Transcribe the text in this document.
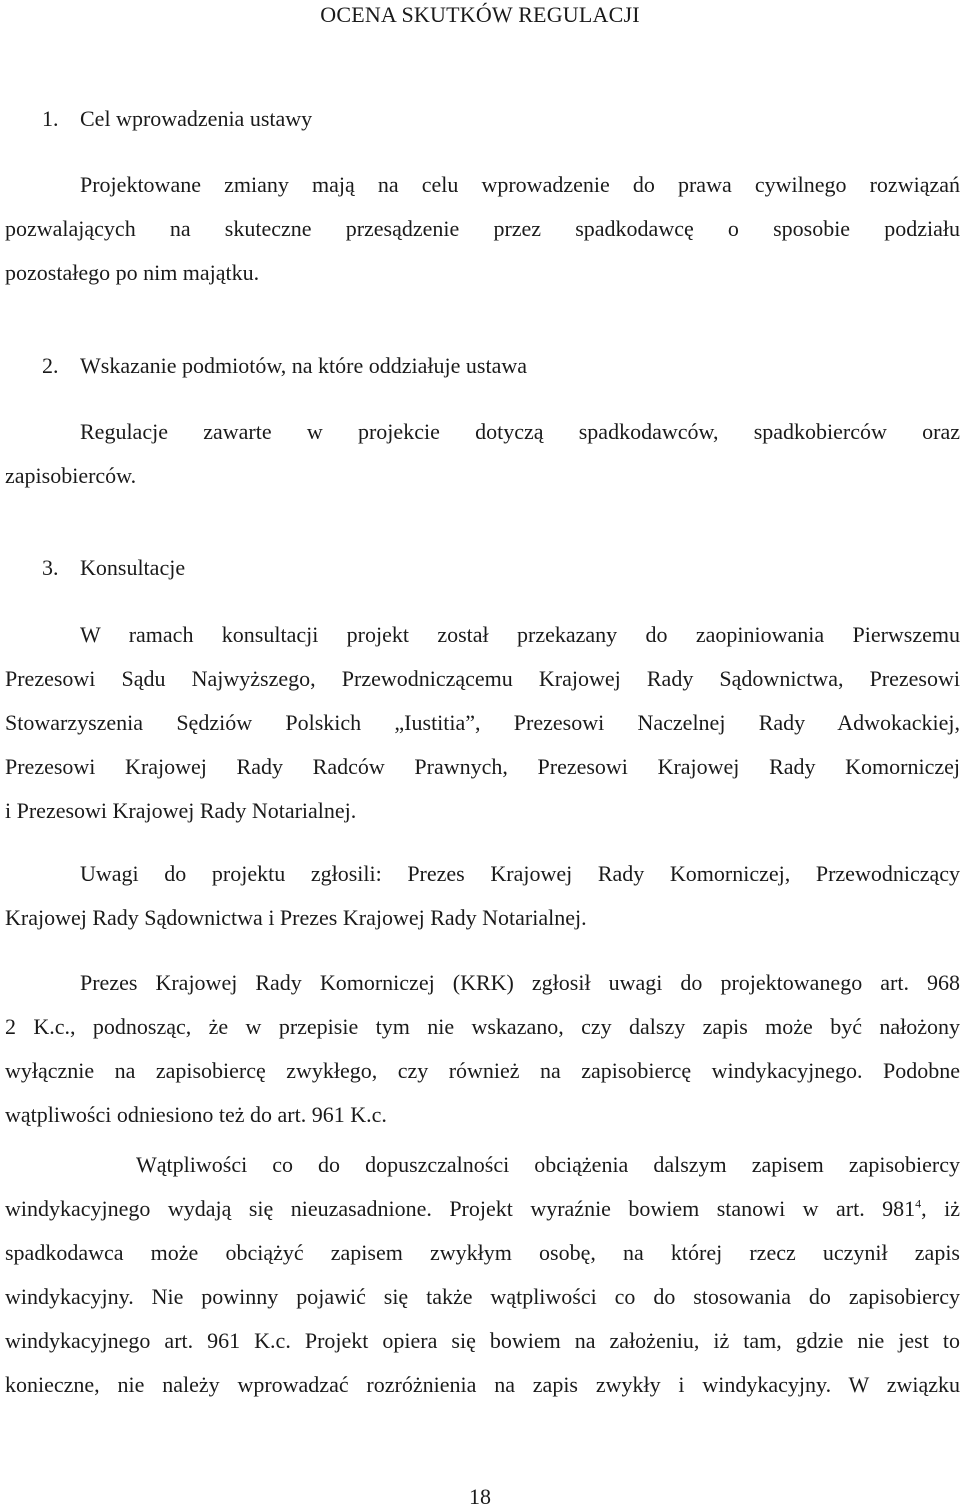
OCENA SKUTKÓW REGULACJI
1. Cel wprowadzenia ustawy
Projektowane zmiany mają na celu wprowadzenie do prawa cywilnego rozwiązań
pozwalających na skuteczne przesądzenie przez spadkodawcę o sposobie podziału
pozostałego po nim majątku.
2. Wskazanie podmiotów, na które oddziałuje ustawa
Regulacje zawarte w projekcie dotyczą spadkodawców, spadkobierców oraz
zapisobierców.
3. Konsultacje
W ramach konsultacji projekt został przekazany do zaopiniowania Pierwszemu
Prezesowi Sądu Najwyższego, Przewodniczącemu Krajowej Rady Sądownictwa, Prezesowi
Stowarzyszenia Sędziów Polskich „Iustitia”, Prezesowi Naczelnej Rady Adwokackiej,
Prezesowi Krajowej Rady Radców Prawnych, Prezesowi Krajowej Rady Komorniczej
i Prezesowi Krajowej Rady Notarialnej.
Uwagi do projektu zgłosili: Prezes Krajowej Rady Komorniczej, Przewodniczący
Krajowej Rady Sądownictwa i Prezes Krajowej Rady Notarialnej.
Prezes Krajowej Rady Komorniczej (KRK) zgłosił uwagi do projektowanego art. 968
2 K.c., podnosząc, że w przepisie tym nie wskazano, czy dalszy zapis może być nałożony
wyłącznie na zapisobiercę zwykłego, czy również na zapisobiercę windykacyjnego. Podobne
wątpliwości odniesiono też do art. 961 K.c.
Wątpliwości co do dopuszczalności obciążenia dalszym zapisem zapisobiercy
windykacyjnego wydają się nieuzasadnione. Projekt wyraźnie bowiem stanowi w art. $981^4$, iż
spadkodawca może obciążyć zapisem zwykłym osobę, na której rzecz uczynił zapis
windykacyjny. Nie powinny pojawić się także wątpliwości co do stosowania do zapisobiercy
windykacyjnego art. 961 K.c. Projekt opiera się bowiem na założeniu, iż tam, gdzie nie jest to
konieczne, nie należy wprowadzać rozróżnienia na zapis zwykły i windykacyjny. W związku
18
